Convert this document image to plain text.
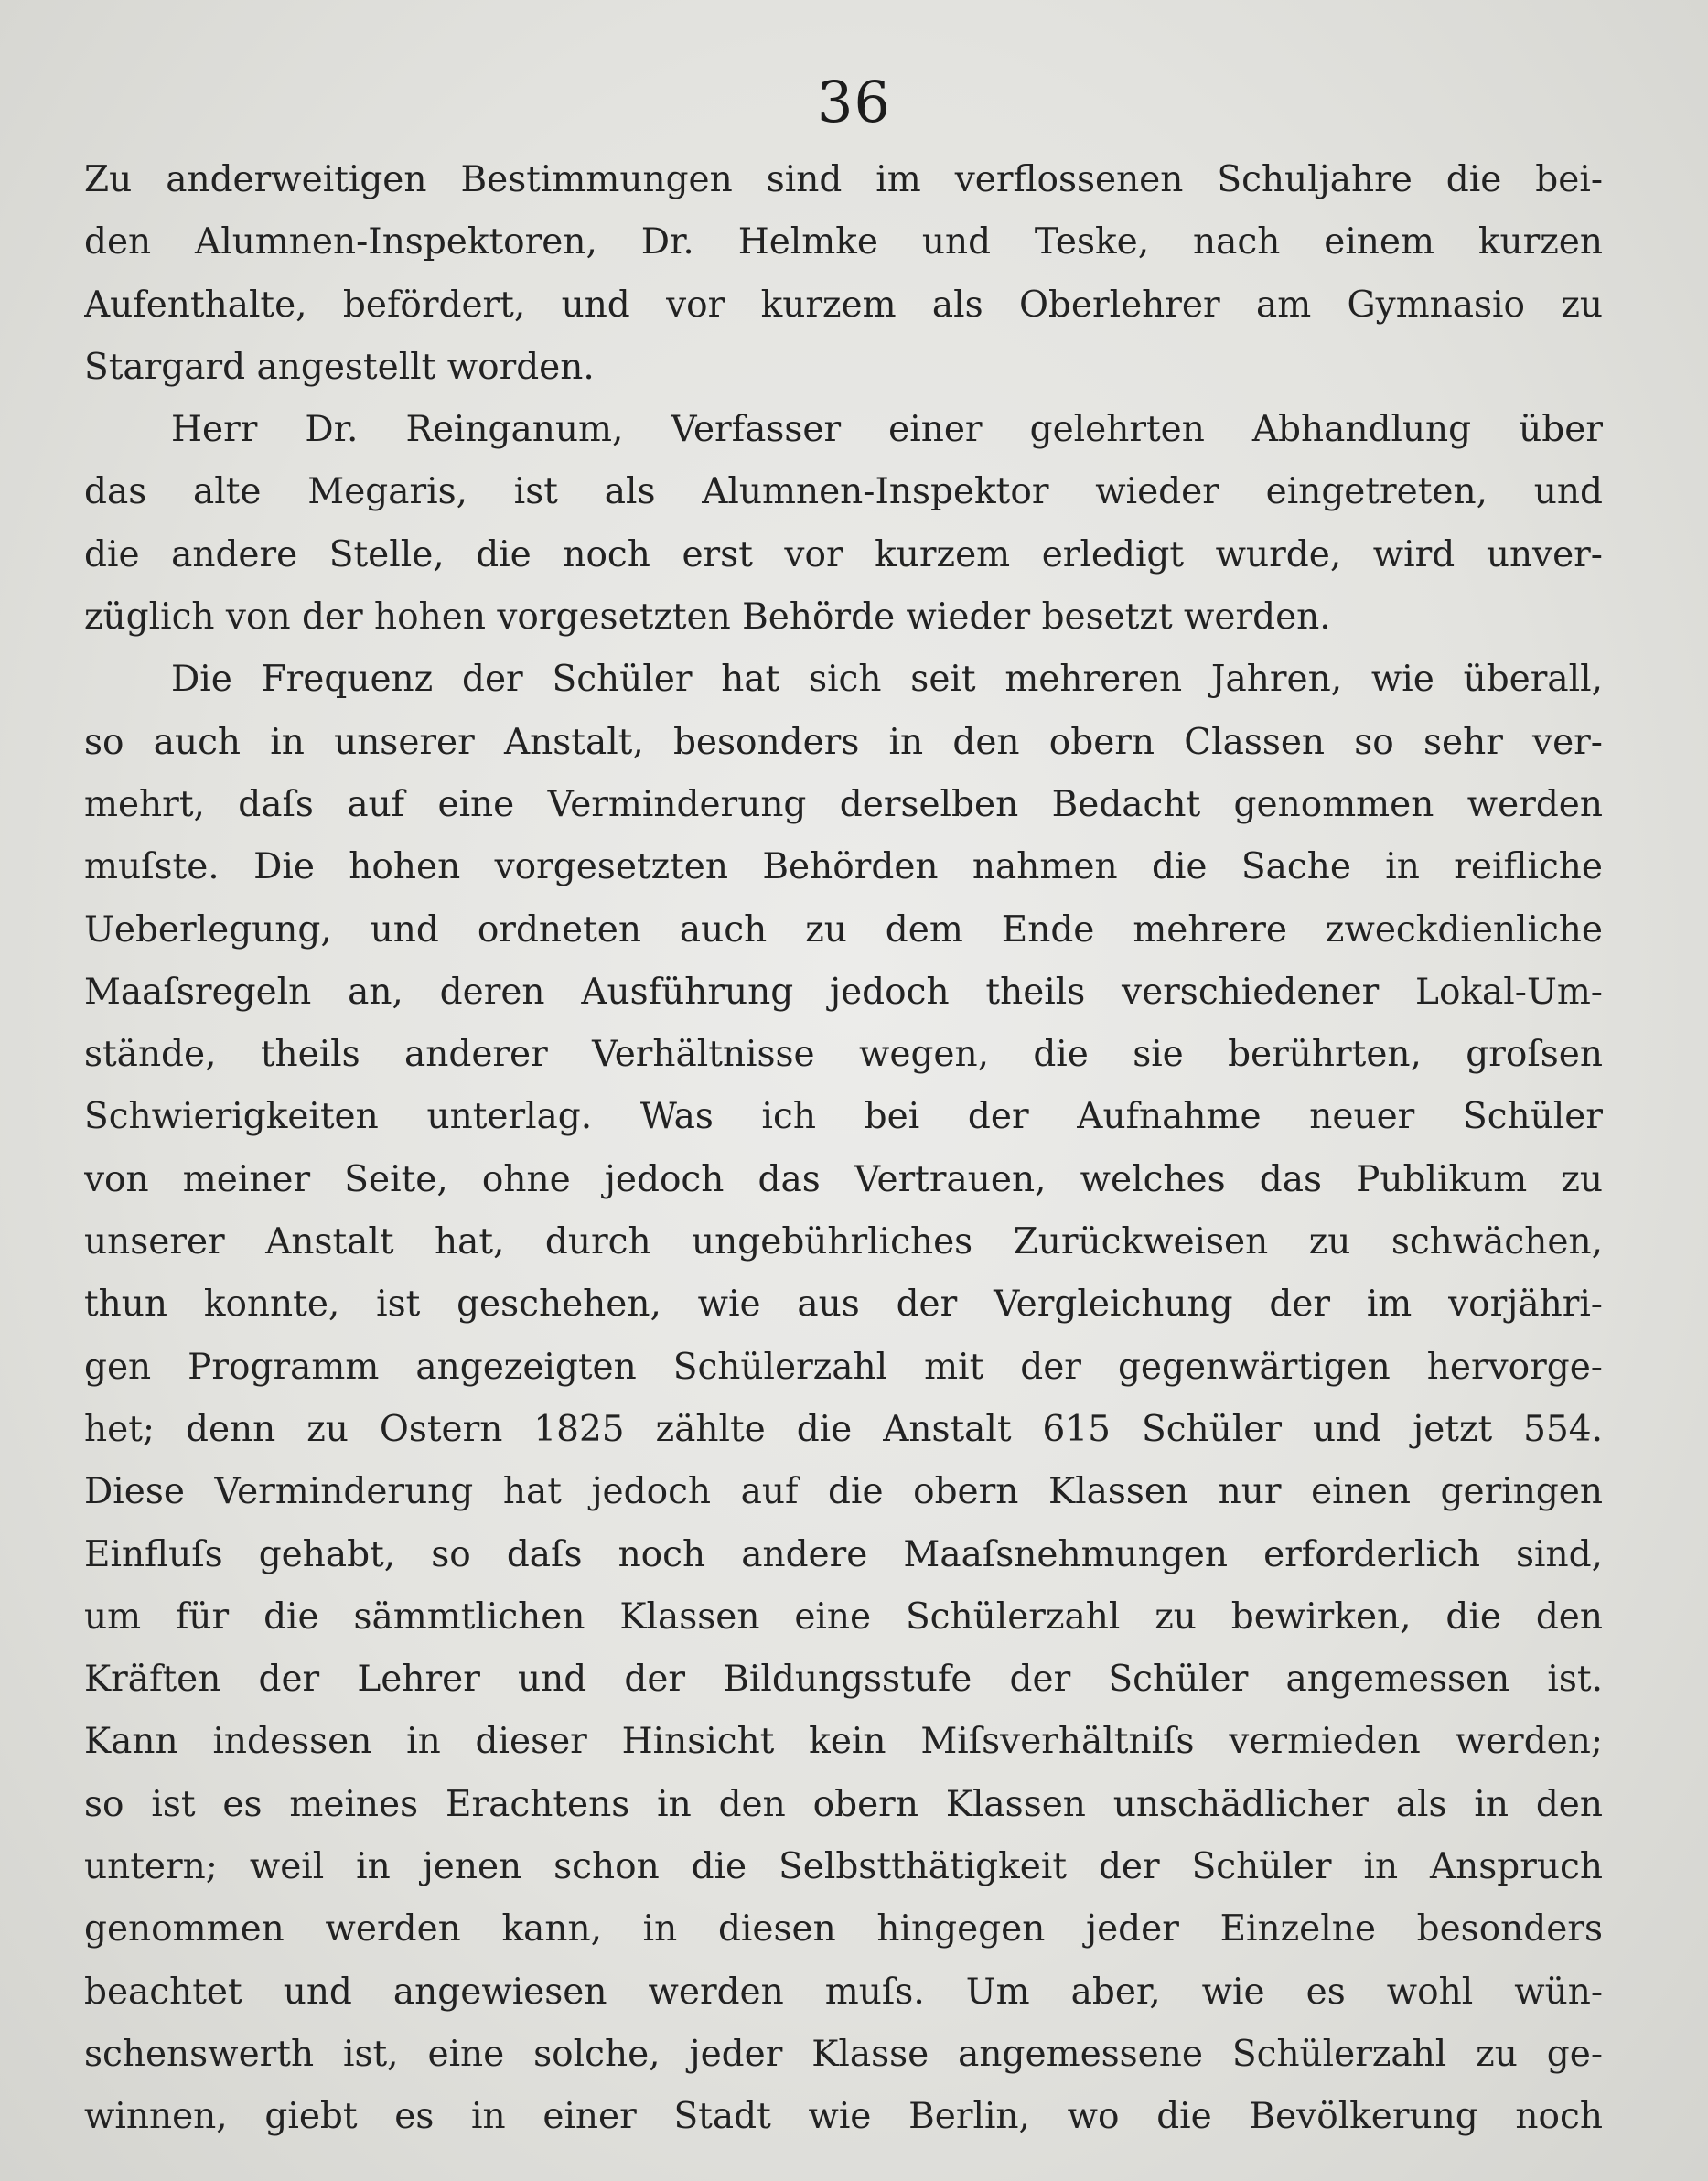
36
Zu anderweitigen Bestimmungen sind im verflossenen Schuljahre die bei-
den Alumnen-Inspektoren, Dr. Helmke und Teske, nach einem kurzen
Aufenthalte, befördert, und vor kurzem als Oberlehrer am Gymnasio zu
Stargard angestellt worden.
Herr Dr. Reinganum, Verfasser einer gelehrten Abhandlung über
das alte Megaris, ist als Alumnen-Inspektor wieder eingetreten, und
die andere Stelle, die noch erst vor kurzem erledigt wurde, wird unver-
züglich von der hohen vorgesetzten Behörde wieder besetzt werden.
Die Frequenz der Schüler hat sich seit mehreren Jahren, wie überall,
so auch in unserer Anstalt, besonders in den obern Classen so sehr ver-
mehrt, daſs auf eine Verminderung derselben Bedacht genommen werden
muſste. Die hohen vorgesetzten Behörden nahmen die Sache in reifliche
Ueberlegung, und ordneten auch zu dem Ende mehrere zweckdienliche
Maaſsregeln an, deren Ausführung jedoch theils verschiedener Lokal-Um-
stände, theils anderer Verhältnisse wegen, die sie berührten, groſsen
Schwierigkeiten unterlag. Was ich bei der Aufnahme neuer Schüler
von meiner Seite, ohne jedoch das Vertrauen, welches das Publikum zu
unserer Anstalt hat, durch ungebührliches Zurückweisen zu schwächen,
thun konnte, ist geschehen, wie aus der Vergleichung der im vorjähri-
gen Programm angezeigten Schülerzahl mit der gegenwärtigen hervorge-
het; denn zu Ostern 1825 zählte die Anstalt 615 Schüler und jetzt 554.
Diese Verminderung hat jedoch auf die obern Klassen nur einen geringen
Einfluſs gehabt, so daſs noch andere Maaſsnehmungen erforderlich sind,
um für die sämmtlichen Klassen eine Schülerzahl zu bewirken, die den
Kräften der Lehrer und der Bildungsstufe der Schüler angemessen ist.
Kann indessen in dieser Hinsicht kein Miſsverhältniſs vermieden werden;
so ist es meines Erachtens in den obern Klassen unschädlicher als in den
untern; weil in jenen schon die Selbstthätigkeit der Schüler in Anspruch
genommen werden kann, in diesen hingegen jeder Einzelne besonders
beachtet und angewiesen werden muſs. Um aber, wie es wohl wün-
schenswerth ist, eine solche, jeder Klasse angemessene Schülerzahl zu ge-
winnen, giebt es in einer Stadt wie Berlin, wo die Bevölkerung noch
